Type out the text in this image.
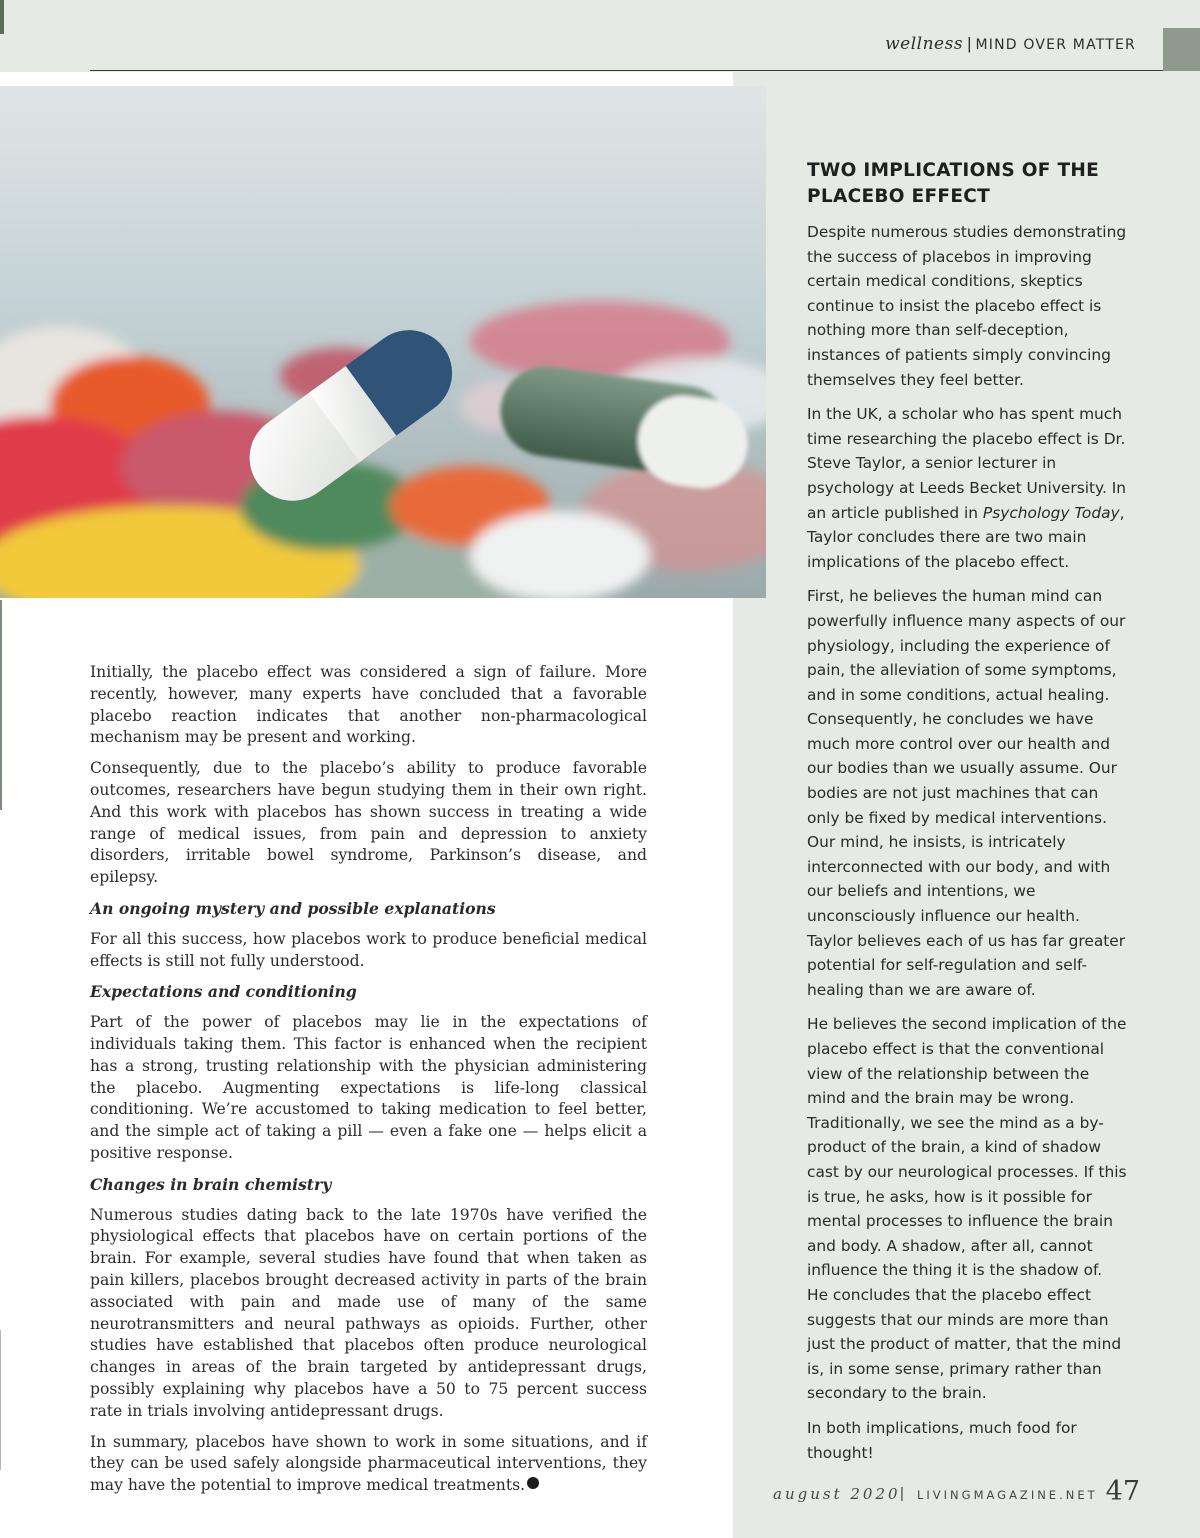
wellness | MIND OVER MATTER
TWO IMPLICATIONS OF THE
PLACEBO EFFECT

Despite numerous studies demonstrating the success of placebos in improving certain medical conditions, skeptics continue to insist the placebo effect is nothing more than self-deception, instances of patients simply convincing themselves they feel better.

In the UK, a scholar who has spent much time researching the placebo effect is Dr. Steve Taylor, a senior lecturer in psychology at Leeds Becket University. In an article published in Psychology Today, Taylor concludes there are two main implications of the placebo effect.

First, he believes the human mind can powerfully influence many aspects of our physiology, including the experience of pain, the alleviation of some symptoms, and in some conditions, actual healing. Consequently, he concludes we have much more control over our health and our bodies than we usually assume. Our bodies are not just machines that can only be fixed by medical interventions. Our mind, he insists, is intricately interconnected with our body, and with our beliefs and intentions, we unconsciously influence our health. Taylor believes each of us has far greater potential for self-regulation and self-healing than we are aware of.

He believes the second implication of the placebo effect is that the conventional view of the relationship between the mind and the brain may be wrong. Traditionally, we see the mind as a by-product of the brain, a kind of shadow cast by our neurological processes. If this is true, he asks, how is it possible for mental processes to influence the brain and body. A shadow, after all, cannot influence the thing it is the shadow of. He concludes that the placebo effect suggests that our minds are more than just the product of matter, that the mind is, in some sense, primary rather than secondary to the brain.

In both implications, much food for thought!

Initially, the placebo effect was considered a sign of failure. More recently, however, many experts have concluded that a favorable placebo reaction indicates that another non-pharmacological mechanism may be present and working.

Consequently, due to the placebo’s ability to produce favorable outcomes, researchers have begun studying them in their own right. And this work with placebos has shown success in treating a wide range of medical issues, from pain and depression to anxiety disorders, irritable bowel syndrome, Parkinson’s disease, and epilepsy.

An ongoing mystery and possible explanations

For all this success, how placebos work to produce beneficial medical effects is still not fully understood.

Expectations and conditioning

Part of the power of placebos may lie in the expectations of individuals taking them. This factor is enhanced when the recipient has a strong, trusting relationship with the physician administering the placebo. Augmenting expectations is life-long classical conditioning. We’re accustomed to taking medication to feel better, and the simple act of taking a pill — even a fake one — helps elicit a positive response.

Changes in brain chemistry

Numerous studies dating back to the late 1970s have verified the physiological effects that placebos have on certain portions of the brain. For example, several studies have found that when taken as pain killers, placebos brought decreased activity in parts of the brain associated with pain and made use of many of the same neurotransmitters and neural pathways as opioids. Further, other studies have established that placebos often produce neurological changes in areas of the brain targeted by antidepressant drugs, possibly explaining why placebos have a 50 to 75 percent success rate in trials involving antidepressant drugs.

In summary, placebos have shown to work in some situations, and if they can be used safely alongside pharmaceutical interventions, they may have the potential to improve medical treatments.	august 2020 | LIVINGMAGAZINE.NET 47
